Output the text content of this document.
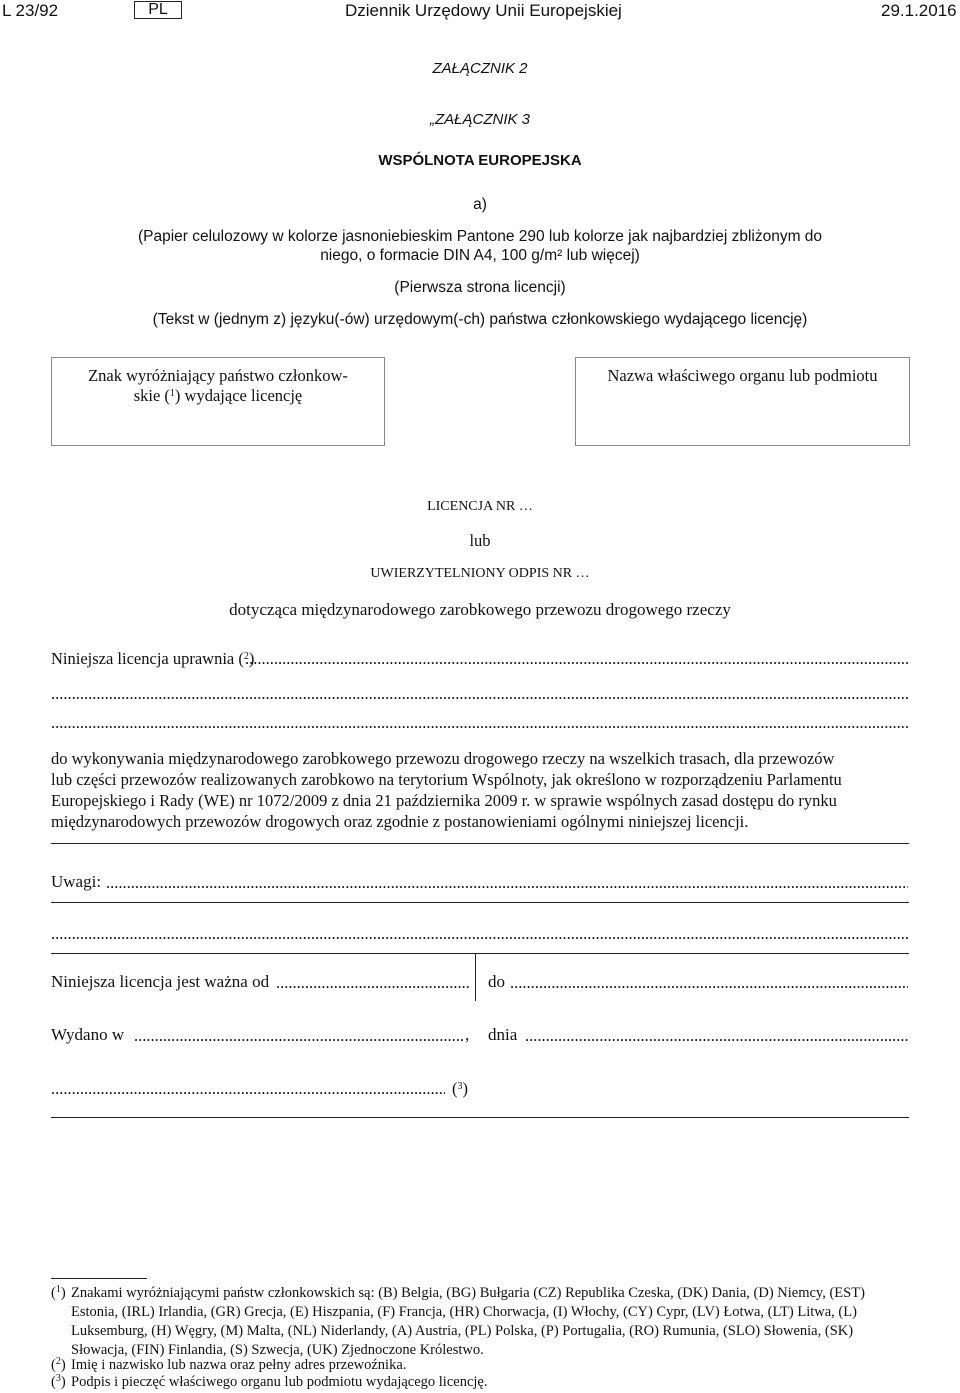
L 23/92	PL	Dziennik Urzędowy Unii Europejskiej	29.1.2016
ZAŁĄCZNIK 2
„ZAŁĄCZNIK 3
WSPÓLNOTA EUROPEJSKA
a)
(Papier celulozowy w kolorze jasnoniebieskim Pantone 290 lub kolorze jak najbardziej zbliżonym do
niego, o formacie DIN A4, 100 g/m² lub więcej)
(Pierwsza strona licencji)
(Tekst w (jednym z) języku(-ów) urzędowym(-ch) państwa członkowskiego wydającego licencję)
Znak wyróżniający państwo członkow-
skie ($^1$) wydające licencję
Nazwa właściwego organu lub podmiotu
LICENCJA NR …
lub
UWIERZYTELNIONY ODPIS NR …
dotycząca międzynarodowego zarobkowego przewozu drogowego rzeczy
Niniejsza licencja uprawnia ($^2$)
.....
.....
.....
do wykonywania międzynarodowego zarobkowego przewozu drogowego rzeczy na wszelkich trasach, dla przewozów
lub części przewozów realizowanych zarobkowo na terytorium Wspólnoty, jak określono w rozporządzeniu Parlamentu
Europejskiego i Rady (WE) nr 1072/2009 z dnia 21 października 2009 r. w sprawie wspólnych zasad dostępu do rynku
międzynarodowych przewozów drogowych oraz zgodnie z postanowieniami ogólnymi niniejszej licencji.
Uwagi:
.....
.....
Niniejsza licencja jest ważna od .....	do
.....
Wydano w .....	, dnia
.....
.....
($^3$)
($^1$) Znakami wyróżniającymi państw członkowskich są: (B) Belgia, (BG) Bułgaria (CZ) Republika Czeska, (DK) Dania, (D) Niemcy, (EST)
Estonia, (IRL) Irlandia, (GR) Grecja, (E) Hiszpania, (F) Francja, (HR) Chorwacja, (I) Włochy, (CY) Cypr, (LV) Łotwa, (LT) Litwa, (L)
Luksemburg, (H) Węgry, (M) Malta, (NL) Niderlandy, (A) Austria, (PL) Polska, (P) Portugalia, (RO) Rumunia, (SLO) Słowenia, (SK)
Słowacja, (FIN) Finlandia, (S) Szwecja, (UK) Zjednoczone Królestwo.
($^2$) Imię i nazwisko lub nazwa oraz pełny adres przewoźnika.
($^3$) Podpis i pieczęć właściwego organu lub podmiotu wydającego licencję.
